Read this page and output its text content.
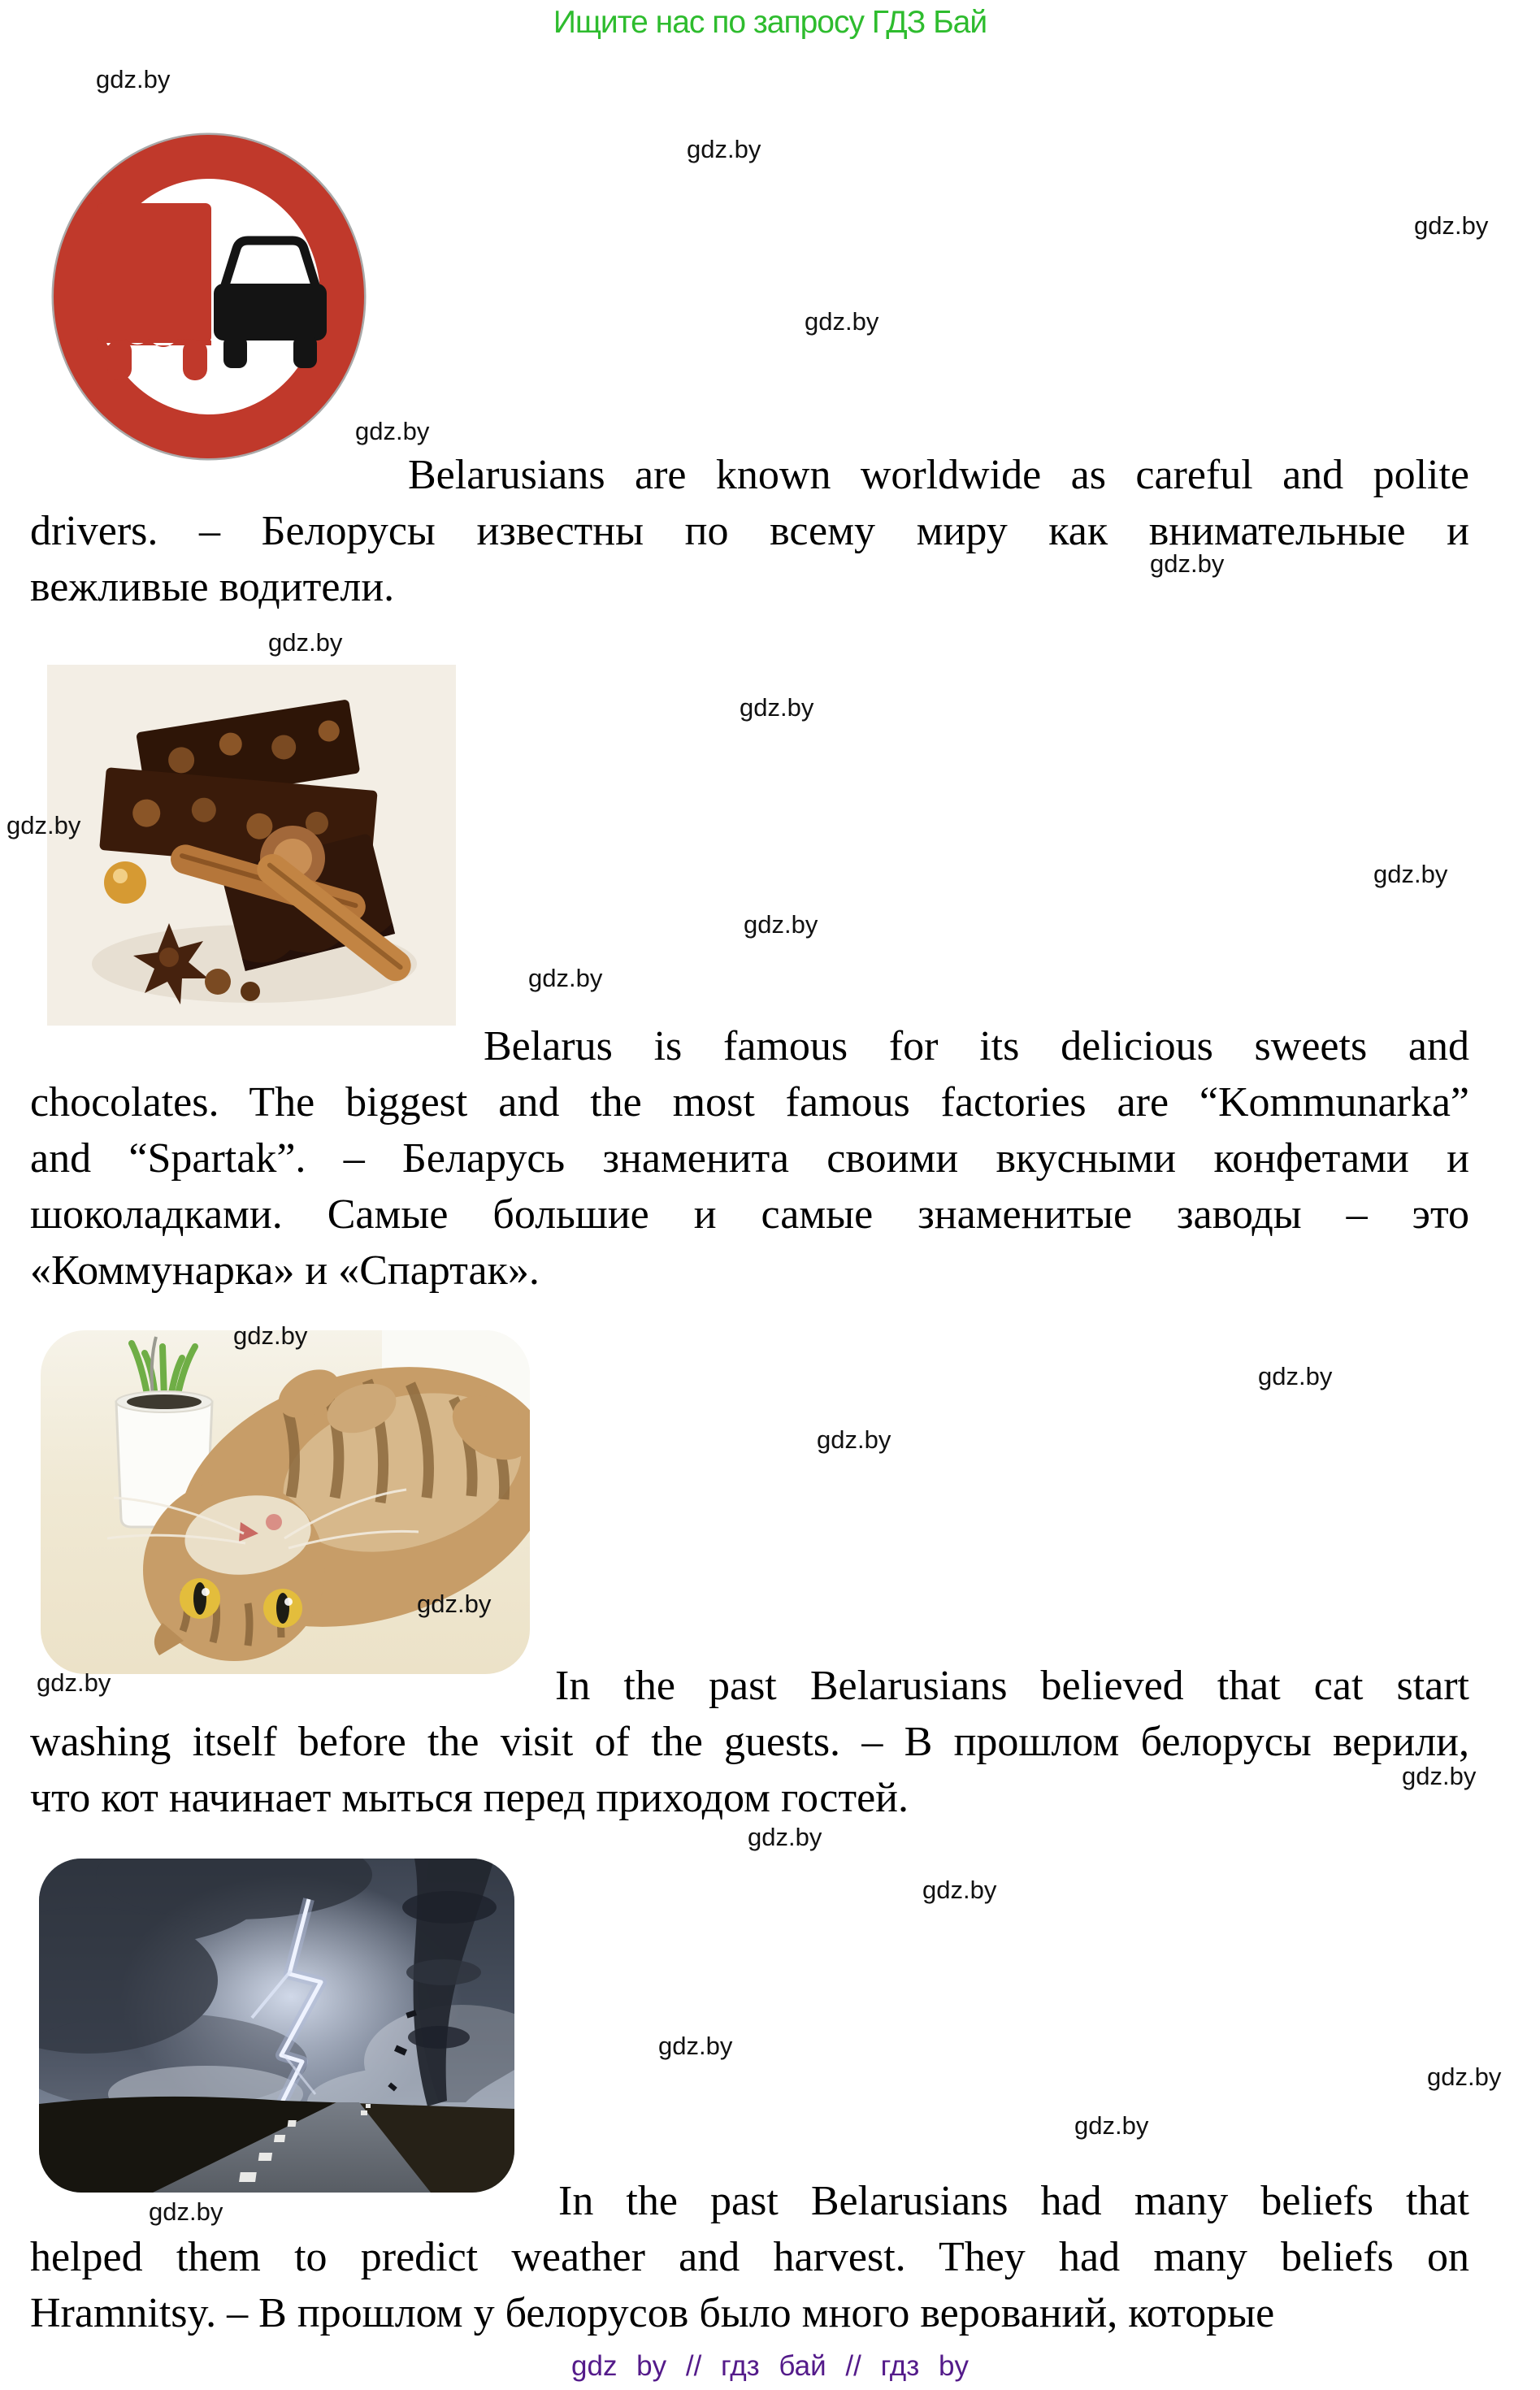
Ищите нас по запросу ГДЗ Бай
Belarusians are known worldwide as careful and polite
drivers. – Белорусы известны по всему миру как внимательные и
вежливые водители.
Belarus is famous for its delicious sweets and
chocolates. The biggest and the most famous factories are “Kommunarka”
and “Spartak”. – Беларусь знаменита своими вкусными конфетами и
шоколадками. Самые большие и самые знаменитые заводы – это
«Коммунарка» и «Спартак».
In the past Belarusians believed that cat start
washing itself before the visit of the guests. – В прошлом белорусы верили,
что кот начинает мыться перед приходом гостей.
In the past Belarusians had many beliefs that
helped them to predict weather and harvest. They had many beliefs on
Hramnitsy. – В прошлом у белорусов было много верований, которые
gdz by // гдз бай // гдз by
gdz.by
gdz.by
gdz.by
gdz.by
gdz.by
gdz.by
gdz.by
gdz.by
gdz.by
gdz.by
gdz.by
gdz.by
gdz.by
gdz.by
gdz.by
gdz.by
gdz.by
gdz.by
gdz.by
gdz.by
gdz.by
gdz.by
gdz.by
gdz.by
